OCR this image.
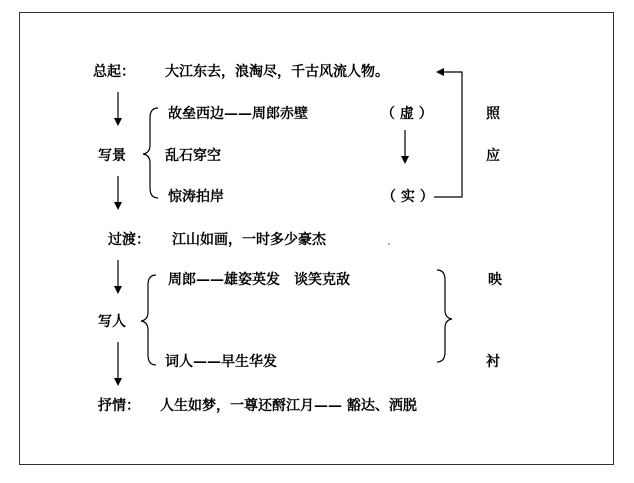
总起： 大江东去，浪淘尽，千古风流人物。
故垒西边——周郎赤壁
写景	乱石穿空
惊涛拍岸
（ 虚 ）
（ 实 ）
照
应
过渡： 江山如画，一时多少豪杰
周郎——雄姿英发　谈笑克敌
写人
词人——早生华发
映
衬
抒情： 人生如梦，一尊还酹江月—— 豁达、洒脱
